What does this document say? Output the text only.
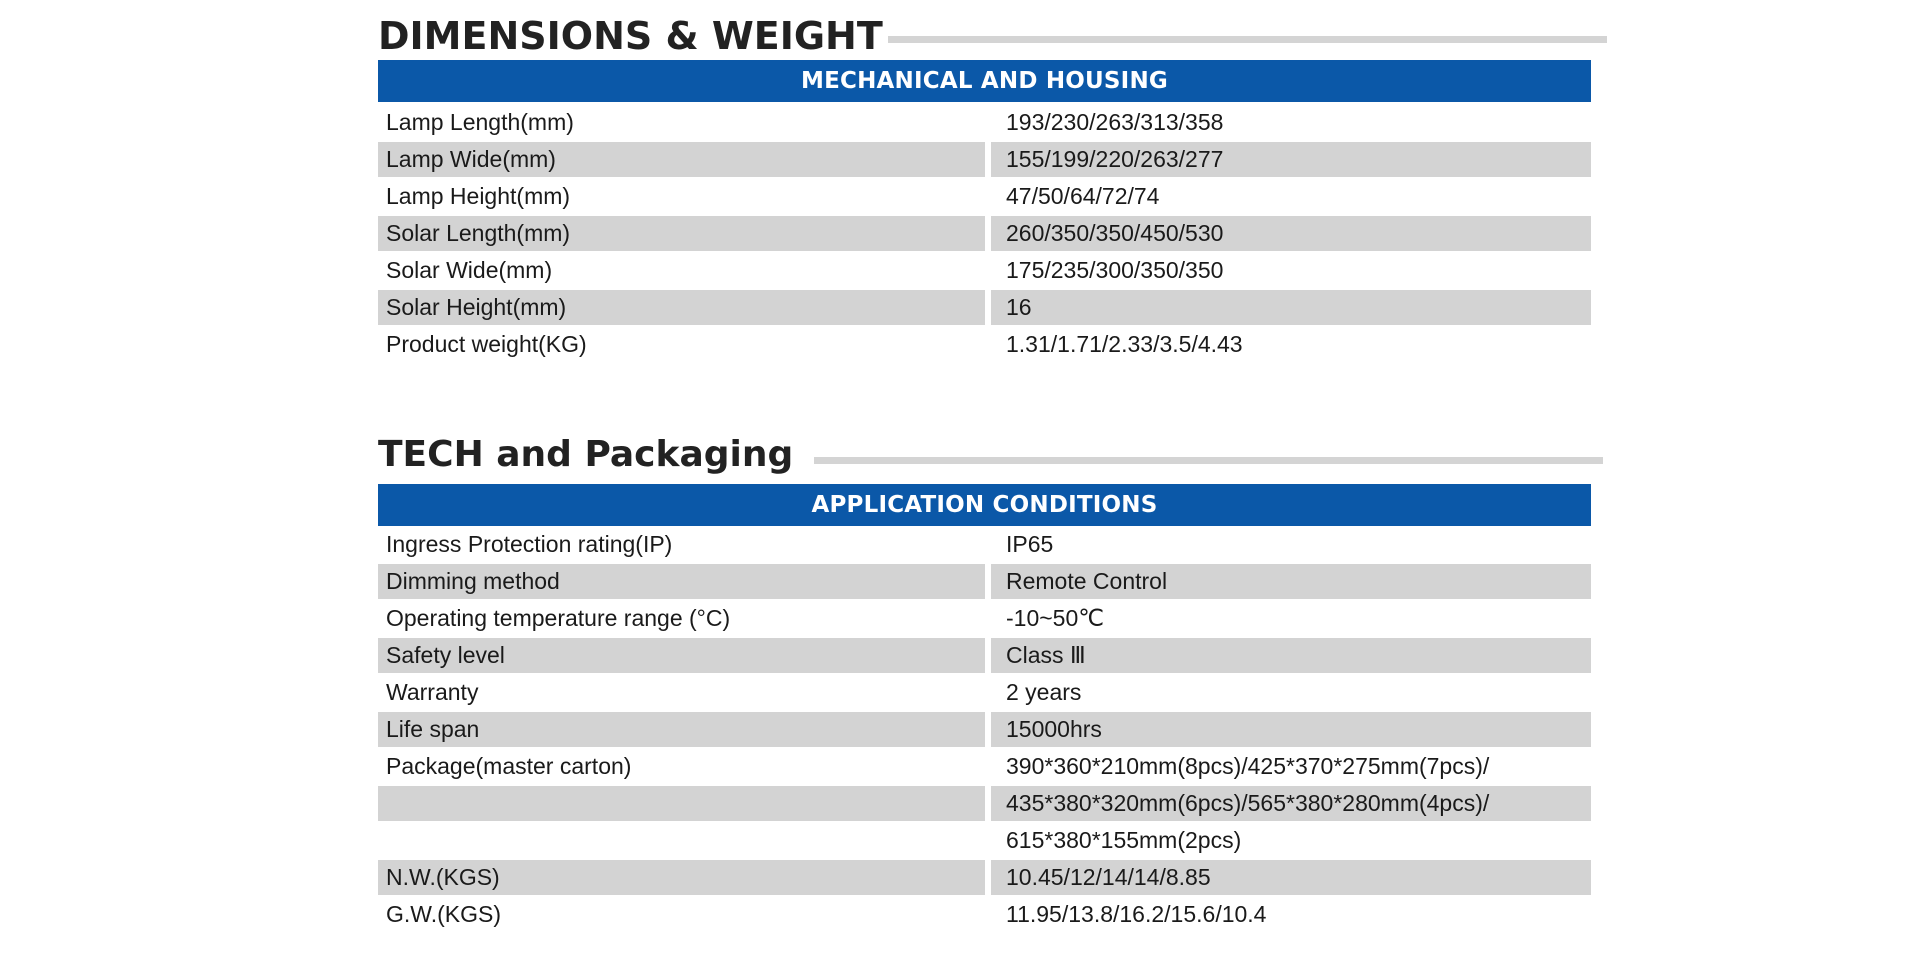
DIMENSIONS & WEIGHT
MECHANICAL AND HOUSING
Lamp Length(mm)	193/230/263/313/358
Lamp Wide(mm)	155/199/220/263/277
Lamp Height(mm)	47/50/64/72/74
Solar Length(mm)	260/350/350/450/530
Solar Wide(mm)	175/235/300/350/350
Solar Height(mm)	16
Product weight(KG)	1.31/1.71/2.33/3.5/4.43
TECH and Packaging
APPLICATION CONDITIONS
Ingress Protection rating(IP)	IP65
Dimming method	Remote Control
Operating temperature range (°C)	-10~50℃
Safety level	Class Ⅲ
Warranty	2 years
Life span	15000hrs
Package(master carton)	390*360*210mm(8pcs)/425*370*275mm(7pcs)/
435*380*320mm(6pcs)/565*380*280mm(4pcs)/
615*380*155mm(2pcs)
N.W.(KGS)	10.45/12/14/14/8.85
G.W.(KGS)	11.95/13.8/16.2/15.6/10.4
